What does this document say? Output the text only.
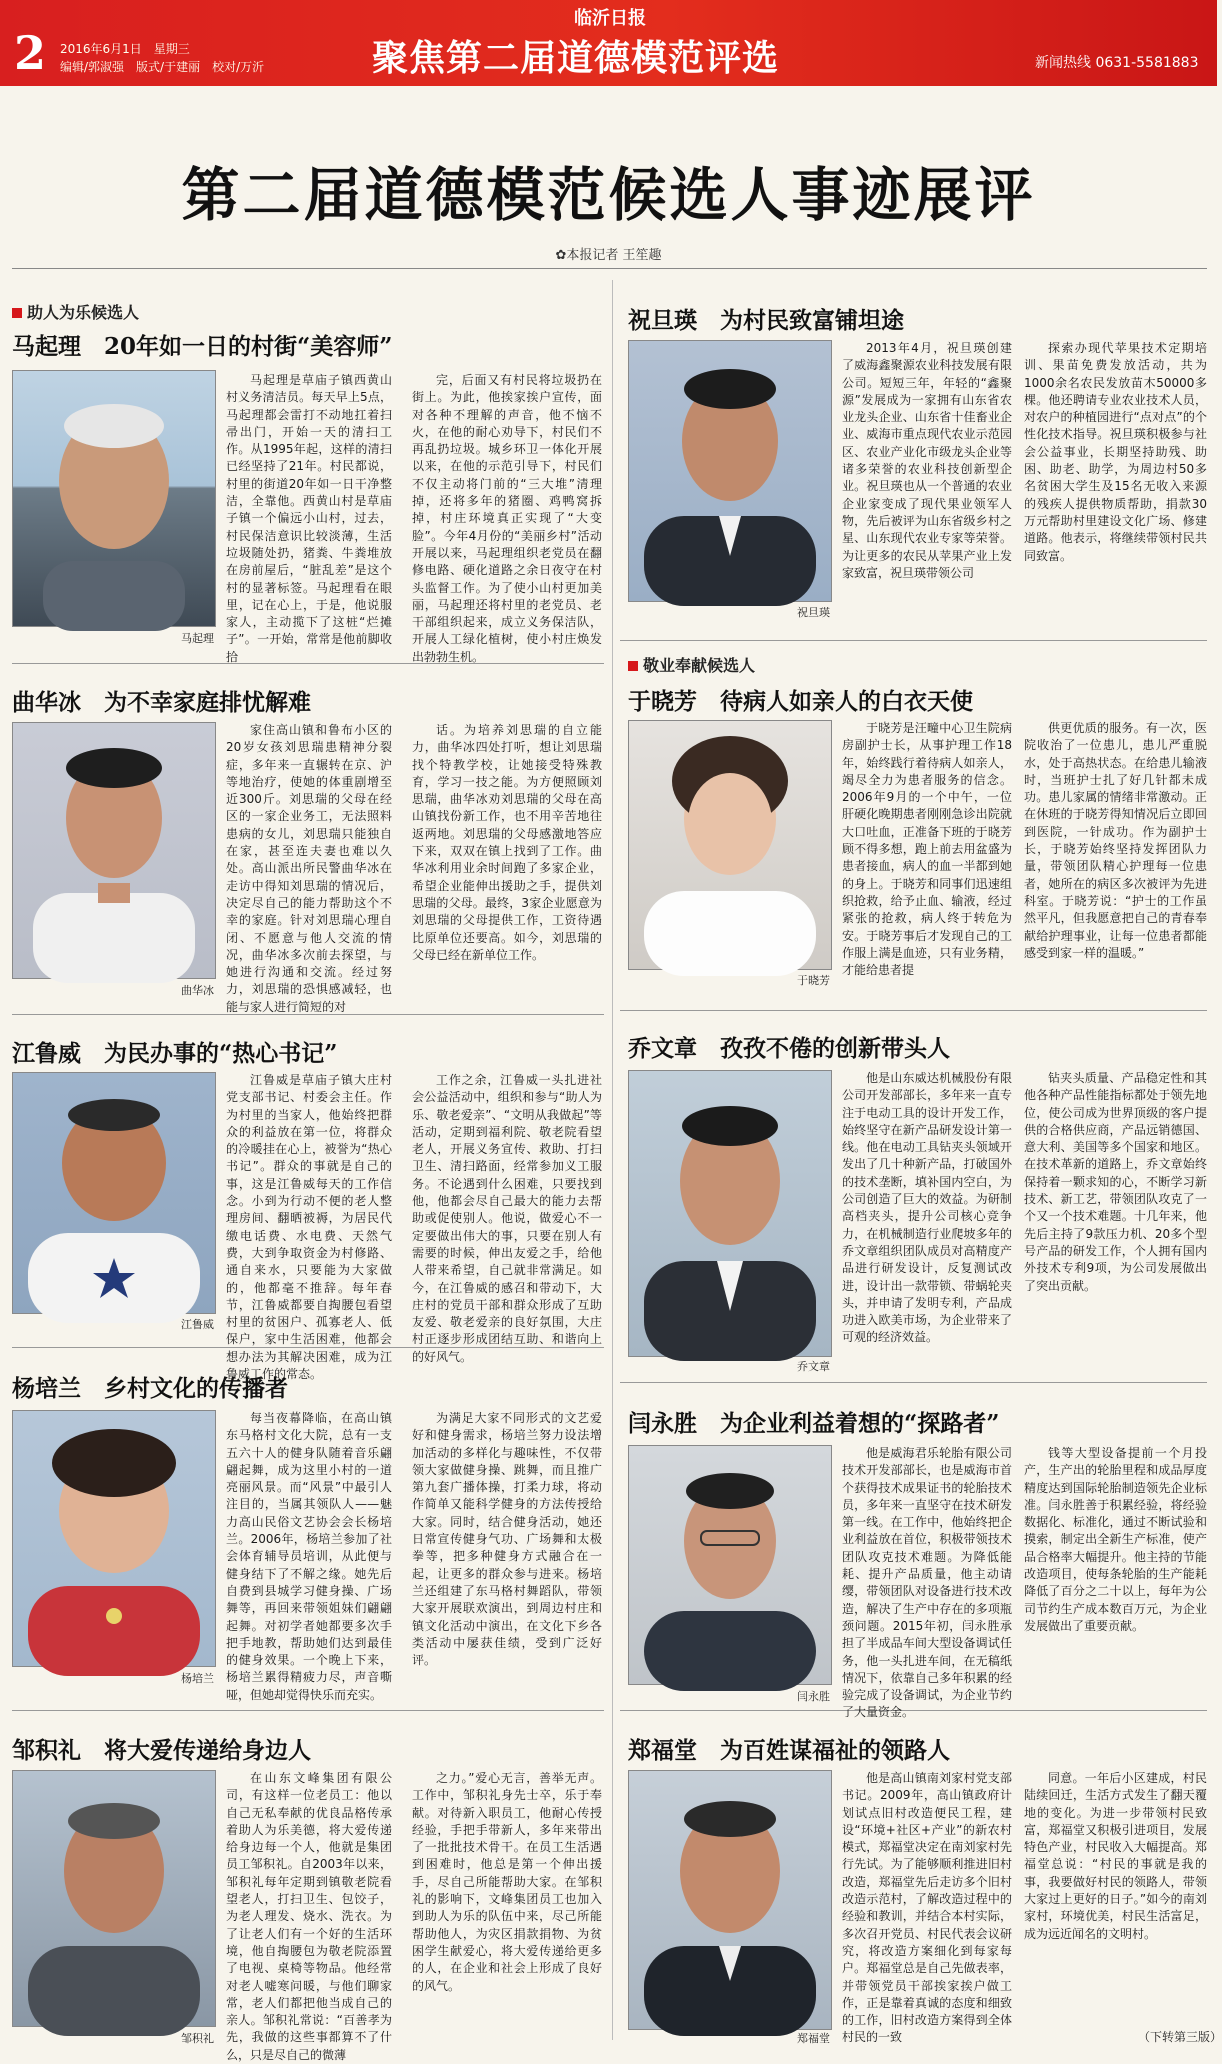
2 2016年6月1日　星期三
编辑/郭淑强　版式/于建丽　校对/万沂
临沂日报
聚焦第二届道德模范评选	新闻热线 0631-5581883
第二届道德模范候选人事迹展评
✿本报记者 王笙趣
助人为乐候选人
敬业奉献候选人
马起理　20年如一日的村街“美容师”
马起理
马起理是草庙子镇西黄山村义务清洁员。每天早上5点，马起理都会雷打不动地扛着扫帚出门，开始一天的清扫工作。从1995年起，这样的清扫已经坚持了21年。村民都说，村里的街道20年如一日干净整洁，全靠他。西黄山村是草庙子镇一个偏远小山村，过去，村民保洁意识比较淡薄，生活垃圾随处扔，猪粪、牛粪堆放在房前屋后，“脏乱差”是这个村的显著标签。马起理看在眼里，记在心上，于是，他说服家人，主动揽下了这桩“烂摊子”。一开始，常常是他前脚收拾
完，后面又有村民将垃圾扔在街上。为此，他挨家挨户宣传，面对各种不理解的声音，他不恼不火，在他的耐心劝导下，村民们不再乱扔垃圾。城乡环卫一体化开展以来，在他的示范引导下，村民们不仅主动将门前的“三大堆”清理掉，还将多年的猪圈、鸡鸭窝拆掉，村庄环境真正实现了“大变脸”。今年4月份的“美丽乡村”活动开展以来，马起理组织老党员在翻修电路、硬化道路之余日夜守在村头监督工作。为了使小山村更加美丽，马起理还将村里的老党员、老干部组织起来，成立义务保洁队，开展人工绿化植树，使小村庄焕发出勃勃生机。
曲华冰　为不幸家庭排忧解难
曲华冰
家住高山镇和鲁布小区的20岁女孩刘思瑞患精神分裂症，多年来一直辗转在京、沪等地治疗，使她的体重剧增至近300斤。刘思瑞的父母在经区的一家企业务工，无法照料患病的女儿，刘思瑞只能独自在家，甚至连夫妻也难以久处。高山派出所民警曲华冰在走访中得知刘思瑞的情况后，决定尽自己的能力帮助这个不幸的家庭。针对刘思瑞心理自闭、不愿意与他人交流的情况，曲华冰多次前去探望，与她进行沟通和交流。经过努力，刘思瑞的恐惧感减轻，也能与家人进行简短的对
话。为培养刘思瑞的自立能力，曲华冰四处打听，想让刘思瑞找个特教学校，让她接受特殊教育，学习一技之能。为方便照顾刘思瑞，曲华冰劝刘思瑞的父母在高山镇找份新工作，也不用辛苦地往返两地。刘思瑞的父母感激地答应下来，双双在镇上找到了工作。曲华冰利用业余时间跑了多家企业，希望企业能伸出援助之手，提供刘思瑞的父母。最终，3家企业愿意为刘思瑞的父母提供工作，工资待遇比原单位还要高。如今，刘思瑞的父母已经在新单位工作。
江鲁威　为民办事的“热心书记”
江鲁威
江鲁威是草庙子镇大庄村党支部书记、村委会主任。作为村里的当家人，他始终把群众的利益放在第一位，将群众的冷暖挂在心上，被誉为“热心书记”。群众的事就是自己的事，这是江鲁威每天的工作信念。小到为行动不便的老人整理房间、翻晒被褥，为居民代缴电话费、水电费、天然气费，大到争取资金为村修路、通自来水，只要能为大家做的，他都毫不推辞。每年春节，江鲁威都要自掏腰包看望村里的贫困户、孤寡老人、低保户，家中生活困难，他都会想办法为其解决困难，成为江鲁威工作的常态。
工作之余，江鲁威一头扎进社会公益活动中，组织和参与“助人为乐、敬老爱亲”、“文明从我做起”等活动，定期到福利院、敬老院看望老人，开展义务宣传、救助、打扫卫生、清扫路面，经常参加义工服务。不论遇到什么困难，只要找到他，他都会尽自己最大的能力去帮助或促使别人。他说，做爱心不一定要做出伟大的事，只要在别人有需要的时候，伸出友爱之手，给他人带来希望，自己就非常满足。如今，在江鲁威的感召和带动下，大庄村的党员干部和群众形成了互助友爱、敬老爱亲的良好氛围，大庄村正逐步形成团结互助、和谐向上的好风气。
杨培兰　乡村文化的传播者
杨培兰
每当夜幕降临，在高山镇东马格村文化大院，总有一支五六十人的健身队随着音乐翩翩起舞，成为这里小村的一道亮丽风景。而“风景”中最引人注目的，当属其领队人——魅力高山民俗文艺协会会长杨培兰。2006年，杨培兰参加了社会体育辅导员培训，从此便与健身结下了不解之缘。她先后自费到县城学习健身操、广场舞等，再回来带领姐妹们翩翩起舞。对初学者她都要多次手把手地教，帮助她们达到最佳的健身效果。一个晚上下来，杨培兰累得精疲力尽，声音嘶哑，但她却觉得快乐而充实。
为满足大家不同形式的文艺爱好和健身需求，杨培兰努力设法增加活动的多样化与趣味性，不仅带领大家做健身操、跳舞，而且推广第九套广播体操，打柔力球，将动作简单又能科学健身的方法传授给大家。同时，结合健身活动，她还日常宣传健身气功、广场舞和太极拳等，把多种健身方式融合在一起，让更多的群众参与进来。杨培兰还组建了东马格村舞蹈队，带领大家开展联欢演出，到周边村庄和镇文化活动中演出，在文化下乡各类活动中屡获佳绩，受到广泛好评。
邹积礼　将大爱传递给身边人
邹积礼
在山东文峰集团有限公司，有这样一位老员工：他以自己无私奉献的优良品格传承着助人为乐美德，将大爱传递给身边每一个人，他就是集团员工邹积礼。自2003年以来，邹积礼每年定期到镇敬老院看望老人，打扫卫生、包饺子，为老人理发、烧水、洗衣。为了让老人们有一个好的生活环境，他自掏腰包为敬老院添置了电视、桌椅等物品。他经常对老人嘘寒问暖，与他们聊家常，老人们都把他当成自己的亲人。邹积礼常说：“百善孝为先，我做的这些事都算不了什么，只是尽自己的微薄
之力。”爱心无言，善举无声。工作中，邹积礼身先士卒，乐于奉献。对待新入职员工，他耐心传授经验，手把手带新人，多年来带出了一批批技术骨干。在员工生活遇到困难时，他总是第一个伸出援手，尽自己所能帮助大家。在邹积礼的影响下，文峰集团员工也加入到助人为乐的队伍中来，尽己所能帮助他人，为灾区捐款捐物、为贫困学生献爱心，将大爱传递给更多的人，在企业和社会上形成了良好的风气。
祝旦瑛　为村民致富铺坦途
祝旦瑛
2013年4月，祝旦瑛创建了威海鑫聚源农业科技发展有限公司。短短三年，年轻的“鑫聚源”发展成为一家拥有山东省农业龙头企业、山东省十佳畜业企业、威海市重点现代农业示范园区、农业产业化市级龙头企业等诸多荣誉的农业科技创新型企业。祝旦瑛也从一个普通的农业企业家变成了现代果业领军人物，先后被评为山东省级乡村之星、山东现代农业专家等荣誉。为让更多的农民从苹果产业上发家致富，祝旦瑛带领公司
探索办现代苹果技术定期培训、果苗免费发放活动，共为1000余名农民发放苗木50000多棵。他还聘请专业农业技术人员，对农户的种植园进行“点对点”的个性化技术指导。祝旦瑛积极参与社会公益事业，长期坚持助残、助困、助老、助学，为周边村50多名贫困大学生及15名无收入来源的残疾人提供物质帮助，捐款30万元帮助村里建设文化广场、修建道路。他表示，将继续带领村民共同致富。
于晓芳　待病人如亲人的白衣天使
于晓芳
于晓芳是汪疃中心卫生院病房副护士长，从事护理工作18年，始终践行着待病人如亲人，竭尽全力为患者服务的信念。2006年9月的一个中午，一位肝硬化晚期患者刚刚急诊出院就大口吐血，正准备下班的于晓芳顾不得多想，跑上前去用盆盛为患者接血，病人的血一半都到她的身上。于晓芳和同事们迅速组织抢救，给予止血、输液，经过紧张的抢救，病人终于转危为安。于晓芳事后才发现自己的工作服上满是血迹，只有业务精，才能给患者提
供更优质的服务。有一次，医院收治了一位患儿，患儿严重脱水，处于高热状态。在给患儿输液时，当班护士扎了好几针都未成功。患儿家属的情绪非常激动。正在休班的于晓芳得知情况后立即回到医院，一针成功。作为副护士长，于晓芳始终坚持发挥团队力量，带领团队精心护理每一位患者，她所在的病区多次被评为先进科室。于晓芳说：“护士的工作虽然平凡，但我愿意把自己的青春奉献给护理事业，让每一位患者都能感受到家一样的温暖。”
乔文章　孜孜不倦的创新带头人
乔文章
他是山东威达机械股份有限公司开发部部长，多年来一直专注于电动工具的设计开发工作，始终坚守在新产品研发设计第一线。他在电动工具钻夹头领域开发出了几十种新产品，打破国外的技术垄断，填补国内空白，为公司创造了巨大的效益。为研制高档夹头，提升公司核心竞争力，在机械制造行业爬坡多年的乔文章组织团队成员对高精度产品进行研发设计，反复测试改进，设计出一款带锁、带蜗轮夹头，并申请了发明专利，产品成功进入欧美市场，为企业带来了可观的经济效益。
钻夹头质量、产品稳定性和其他各种产品性能指标都处于领先地位，使公司成为世界顶级的客户提供的合格供应商，产品远销德国、意大利、美国等多个国家和地区。在技术革新的道路上，乔文章始终保持着一颗求知的心，不断学习新技术、新工艺，带领团队攻克了一个又一个技术难题。十几年来，他先后主持了9款压力机、20多个型号产品的研发工作，个人拥有国内外技术专利9项，为公司发展做出了突出贡献。
闫永胜　为企业利益着想的“探路者”
闫永胜
他是威海君乐轮胎有限公司技术开发部部长，也是威海市首个获得技术成果证书的轮胎技术员，多年来一直坚守在技术研发第一线。在工作中，他始终把企业利益放在首位，积极带领技术团队攻克技术难题。为降低能耗、提升产品质量，他主动请缨，带领团队对设备进行技术改造，解决了生产中存在的多项瓶颈问题。2015年初，闫永胜承担了半成品车间大型设备调试任务，他一头扎进车间，在无稿纸情况下，依靠自己多年积累的经验完成了设备调试，为企业节约了大量资金。
钱等大型设备提前一个月投产，生产出的轮胎里程和成品厚度精度达到国际轮胎制造领先企业标准。闫永胜善于积累经验，将经验数据化、标准化，通过不断试验和摸索，制定出全新生产标准，使产品合格率大幅提升。他主持的节能改造项目，使每条轮胎的生产能耗降低了百分之二十以上，每年为公司节约生产成本数百万元，为企业发展做出了重要贡献。
郑福堂　为百姓谋福祉的领路人
郑福堂
他是高山镇南刘家村党支部书记。2009年，高山镇政府计划试点旧村改造便民工程，建设“环境+社区+产业”的新农村模式，郑福堂决定在南刘家村先行先试。为了能够顺利推进旧村改造，郑福堂先后走访多个旧村改造示范村，了解改造过程中的经验和教训，并结合本村实际，多次召开党员、村民代表会议研究，将改造方案细化到每家每户。郑福堂总是自己先做表率，并带领党员干部挨家挨户做工作，正是靠着真诚的态度和细致的工作，旧村改造方案得到全体村民的一致
同意。一年后小区建成，村民陆续回迁，生活方式发生了翻天覆地的变化。为进一步带领村民致富，郑福堂又积极引进项目，发展特色产业，村民收入大幅提高。郑福堂总说：“村民的事就是我的事，我要做好村民的领路人，带领大家过上更好的日子。”如今的南刘家村，环境优美，村民生活富足，成为远近闻名的文明村。
（下转第三版）
